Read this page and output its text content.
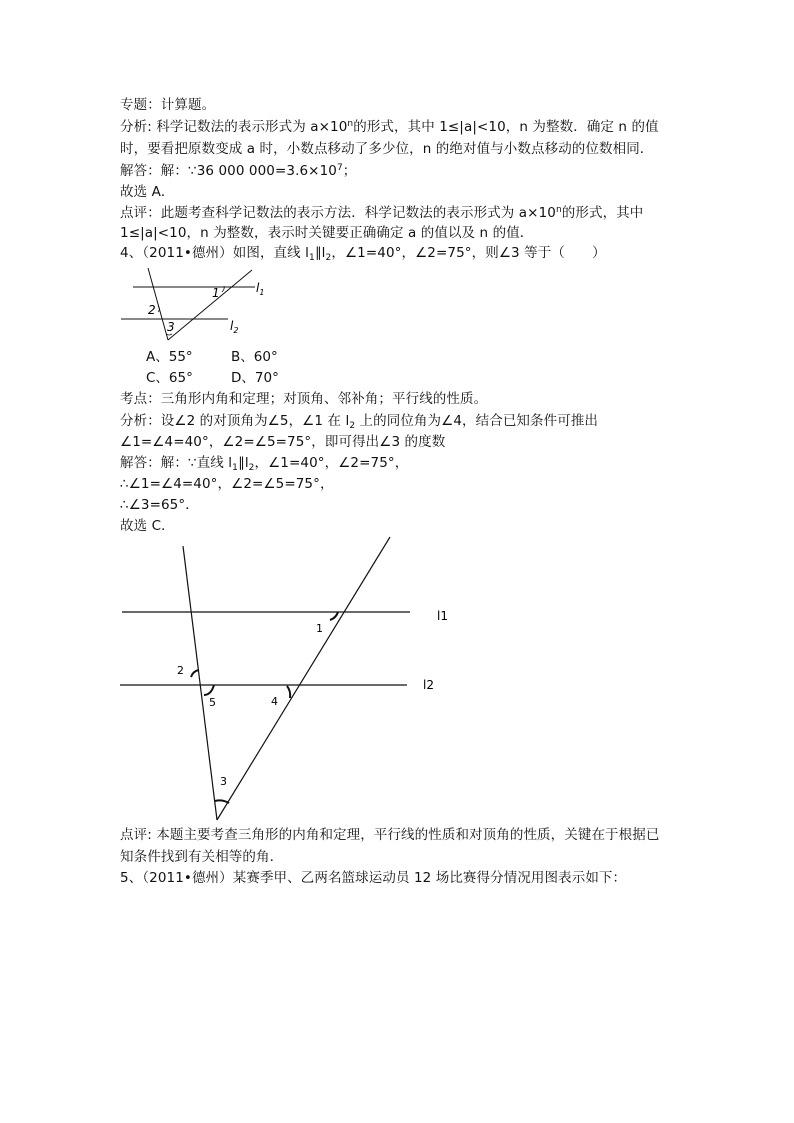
专题：计算题。
分析: 科学记数法的表示形式为 $a\times 10^n$的形式，其中 1≤|a|<10，n 为整数．确定 n 的值
时，要看把原数变成 a 时，小数点移动了多少位，n 的绝对值与小数点移动的位数相同．
解答：解：∵36 000 $000=3.6\times 10^7$；
故选 A．
点评：此题考查科学记数法的表示方法．科学记数法的表示形式为 $a\times 10^n$的形式，其中
1≤|a|<10，n 为整数，表示时关键要正确确定 a 的值以及 n 的值．
4、（2011•德州）如图，直线 $l_1\parallel l_2$，∠1=40°，∠2=75°，则∠3 等于（　　）
1
2
3
$l_1$
$l_2$
A、55°	B、60°
C、65°	D、70°
考点：三角形内角和定理；对顶角、邻补角；平行线的性质。
分析：设∠2 的对顶角为∠5，∠1 在 $l_2$ 上的同位角为∠4，结合已知条件可推出
∠1=∠4=40°，∠2=∠5=75°，即可得出∠3 的度数
解答：解：∵直线 $l_1\parallel l_2$，∠1=40°，∠2=75°，
∴∠1=∠4=40°，∠2=∠5=75°，
∴∠3=65°．
故选 C．
1
2
5	4
3
l1
l2
点评: 本题主要考查三角形的内角和定理，平行线的性质和对顶角的性质，关键在于根据已
知条件找到有关相等的角．
5、（2011•德州）某赛季甲、乙两名篮球运动员 12 场比赛得分情况用图表示如下：
